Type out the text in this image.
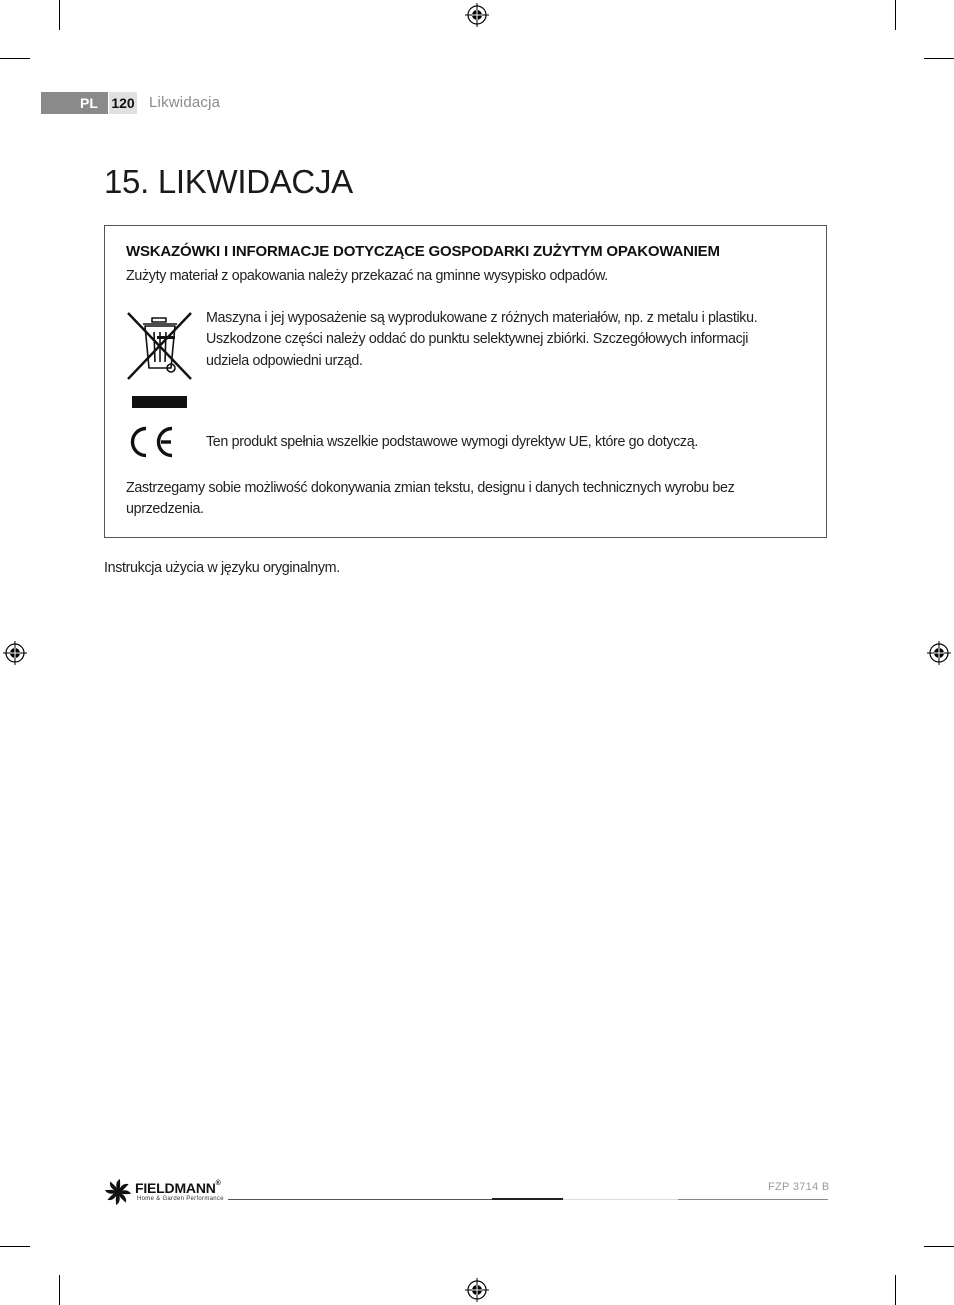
PL 120 Likwidacja
15. LIKWIDACJA
WSKAZÓWKI I INFORMACJE DOTYCZĄCE GOSPODARKI ZUŻYTYM OPAKOWANIEM
Zużyty materiał z opakowania należy przekazać na gminne wysypisko odpadów.
Maszyna i jej wyposażenie są wyprodukowane z różnych materiałów, np. z metalu i plastiku.
Uszkodzone części należy oddać do punktu selektywnej zbiórki. Szczegółowych informacji
udziela odpowiedni urząd.
Ten produkt spełnia wszelkie podstawowe wymogi dyrektyw UE, które go dotyczą.
Zastrzegamy sobie możliwość dokonywania zmian tekstu, designu i danych technicznych wyrobu bez
uprzedzenia.
Instrukcja użycia w języku oryginalnym.
FIELDMANN®
Home & Garden Performance
FZP 3714 B
